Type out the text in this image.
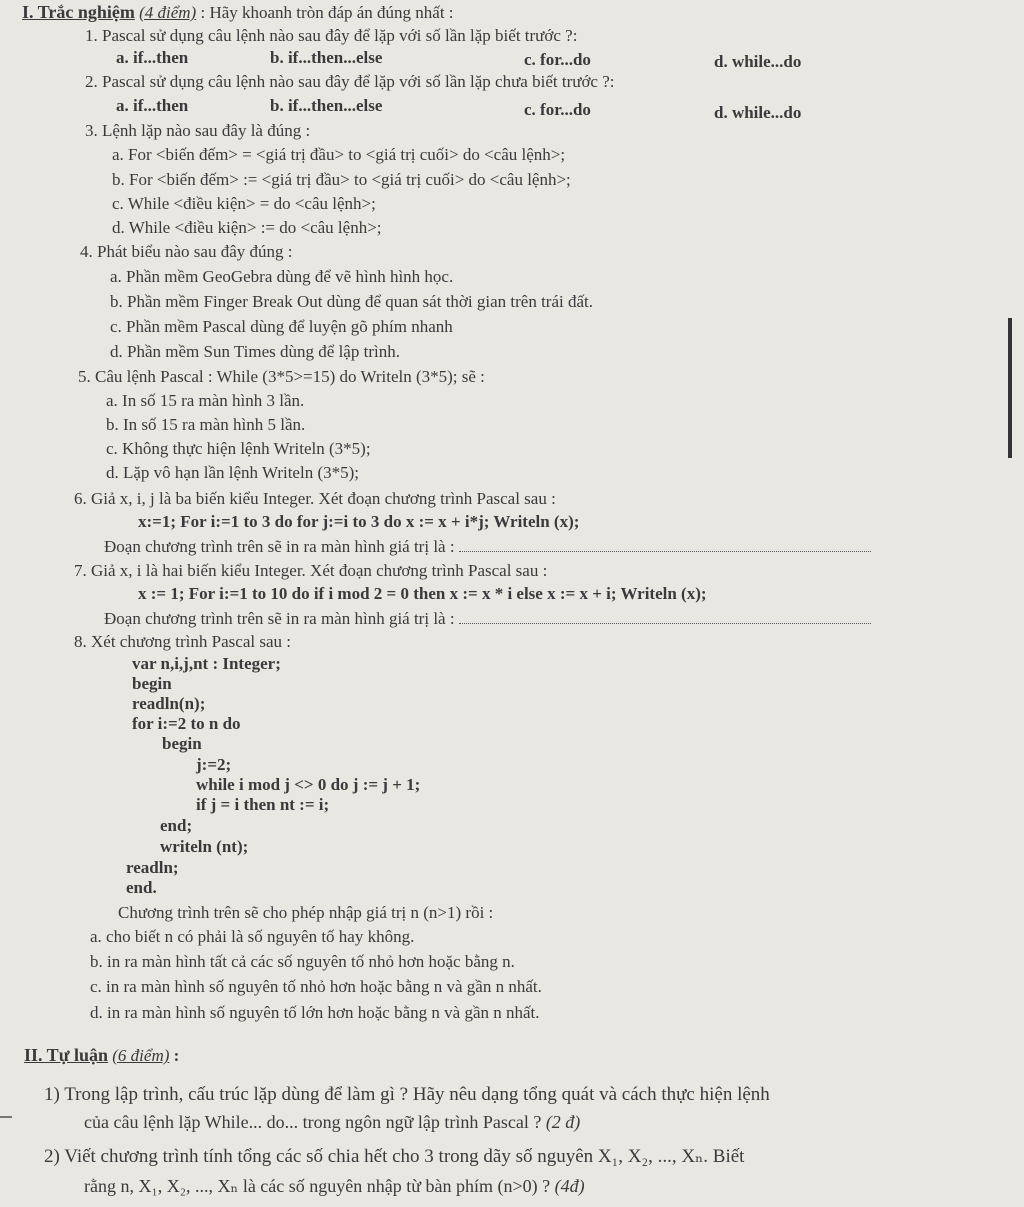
I. Trắc nghiệm (4 điểm) : Hãy khoanh tròn đáp án đúng nhất :
1. Pascal sử dụng câu lệnh nào sau đây để lặp với số lần lặp biết trước ?:
a. if...then	b. if...then...else	c. for...do	d. while...do
2. Pascal sử dụng câu lệnh nào sau đây để lặp với số lần lặp chưa biết trước ?:
a. if...then	b. if...then...else	c. for...do	d. while...do
3. Lệnh lặp nào sau đây là đúng :
a. For <biến đếm> = <giá trị đầu> to <giá trị cuối> do <câu lệnh>;
b. For <biến đếm> := <giá trị đầu> to <giá trị cuối> do <câu lệnh>;
c. While <điều kiện> = do <câu lệnh>;
d. While <điều kiện> := do <câu lệnh>;
4. Phát biểu nào sau đây đúng :
a. Phần mềm GeoGebra dùng để vẽ hình hình học.
b. Phần mềm Finger Break Out dùng để quan sát thời gian trên trái đất.
c. Phần mềm Pascal dùng để luyện gõ phím nhanh
d. Phần mềm Sun Times dùng để lập trình.
5. Câu lệnh Pascal : While (3*5>=15) do Writeln (3*5); sẽ :
a. In số 15 ra màn hình 3 lần.
b. In số 15 ra màn hình 5 lần.
c. Không thực hiện lệnh Writeln (3*5);
d. Lặp vô hạn lần lệnh Writeln (3*5);
6. Giả x, i, j là ba biến kiểu Integer. Xét đoạn chương trình Pascal sau :
x:=1; For i:=1 to 3 do for j:=i to 3 do x := x + i*j; Writeln (x);
Đoạn chương trình trên sẽ in ra màn hình giá trị là :
7. Giả x, i là hai biến kiểu Integer. Xét đoạn chương trình Pascal sau :
x := 1; For i:=1 to 10 do if i mod 2 = 0 then x := x * i else x := x + i; Writeln (x);
Đoạn chương trình trên sẽ in ra màn hình giá trị là :
8. Xét chương trình Pascal sau :
var n,i,j,nt : Integer;
begin
readln(n);
for i:=2 to n do
begin
j:=2;
while i mod j <> 0 do j := j + 1;
if j = i then nt := i;
end;
writeln (nt);
readln;
end.
Chương trình trên sẽ cho phép nhập giá trị n (n>1) rồi :
a. cho biết n có phải là số nguyên tố hay không.
b. in ra màn hình tất cả các số nguyên tố nhỏ hơn hoặc bằng n.
c. in ra màn hình số nguyên tố nhỏ hơn hoặc bằng n và gần n nhất.
d. in ra màn hình số nguyên tố lớn hơn hoặc bằng n và gần n nhất.
II. Tự luận (6 điểm) :
1) Trong lập trình, cấu trúc lặp dùng để làm gì ? Hãy nêu dạng tổng quát và cách thực hiện lệnh
của câu lệnh lặp While... do... trong ngôn ngữ lập trình Pascal ? (2 đ)
2) Viết chương trình tính tổng các số chia hết cho 3 trong dãy số nguyên X₁, X₂, ..., Xₙ. Biết
rằng n, X₁, X₂, ..., Xₙ là các số nguyên nhập từ bàn phím (n>0) ? (4đ)
